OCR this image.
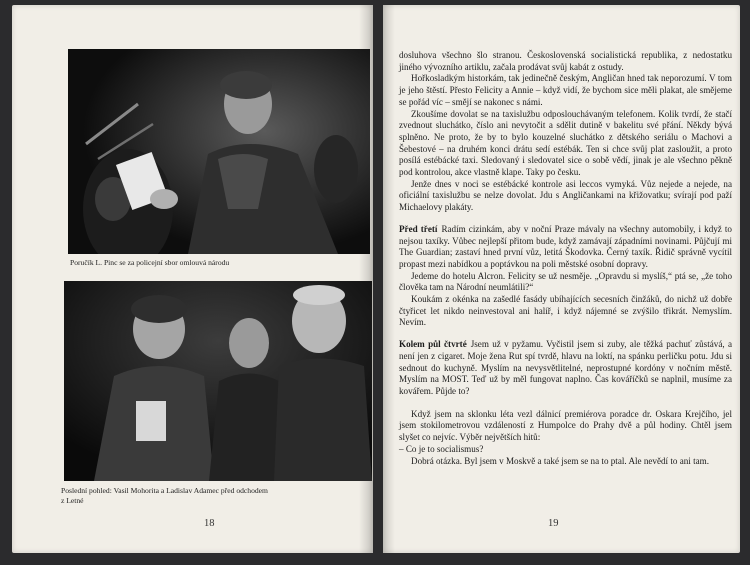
Poručík L. Pinc se za policejní sbor omlouvá národu
Poslední pohled: Vasil Mohorita a Ladislav Adamec před odchodem z Letné
18

dosluhova všechno šlo stranou. Československá socialistická republika, z nedostatku jiného vývozního artiklu, začala prodávat svůj kabát z ostudy.

Hořkosladkým historkám, tak jedinečně českým, Angličan hned tak neporozumí. V tom je jeho štěstí. Přesto Felicity a Annie – když vidí, že bychom sice měli plakat, ale smějeme se pořád víc – smějí se nakonec s námi.

Zkoušíme dovolat se na taxislužbu odposlouchávaným telefonem. Kolik tvrdí, že stačí zvednout sluchátko, číslo ani nevytočit a sdělit dutině v bakelitu své přání. Někdy bývá splněno. Ne proto, že by to bylo kouzelné sluchátko z dětského seriálu o Machovi a Šebestové – na druhém konci drátu sedí estébák. Ten si chce svůj plat zasloužit, a proto posílá estébácké taxi. Sledovaný i sledovatel sice o sobě vědí, jinak je ale všechno pěkně pod kontrolou, akce vlastně klape. Taky po česku.

Jenže dnes v noci se estébácké kontrole asi leccos vymyká. Vůz nejede a nejede, na oficiální taxislužbu se nelze dovolat. Jdu s Angličankami na křižovatku; svírají pod paží Michaelovy plakáty.

Před třetí Radím cizinkám, aby v noční Praze mávaly na všechny automobily, i když to nejsou taxíky. Vůbec nejlepší přitom bude, když zamávají západními novinami. Půjčují mi The Guardian; zastaví hned první vůz, letitá Škodovka. Černý taxík. Řidič správně vycítil propast mezi nabídkou a poptávkou na poli městské osobní dopravy.

Jedeme do hotelu Alcron. Felicity se už nesměje. „Opravdu si myslíš,“ ptá se, „že toho člověka tam na Národní neumlátili?“

Koukám z okénka na zašedlé fasády ubíhajících secesních činžáků, do nichž už dobře čtyřicet let nikdo neinvestoval ani halíř, i když nájemné se zvýšilo třikrát. Nemyslím. Nevím.

Kolem půl čtvrté Jsem už v pyžamu. Vyčistil jsem si zuby, ale těžká pachuť zůstává, a není jen z cigaret. Moje žena Rut spí tvrdě, hlavu na loktí, na spánku perličku potu. Jdu si sednout do kuchyně. Myslím na nevysvětlitelné, neprostupné kordóny v nočním městě. Myslím na MOST. Teď už by měl fungovat naplno. Čas kováříčků se naplnil, musíme za kovářem. Půjde to?

Když jsem na sklonku léta vezl dálnicí premiérova poradce dr. Oskara Krejčího, jel jsem stokilometrovou vzdáleností z Humpolce do Prahy dvě a půl hodiny. Chtěl jsem slyšet co nejvíc. Výběr největších hitů:

– Co je to socialismus?

Dobrá otázka. Byl jsem v Moskvě a také jsem se na to ptal. Ale nevědí to ani tam.

19
